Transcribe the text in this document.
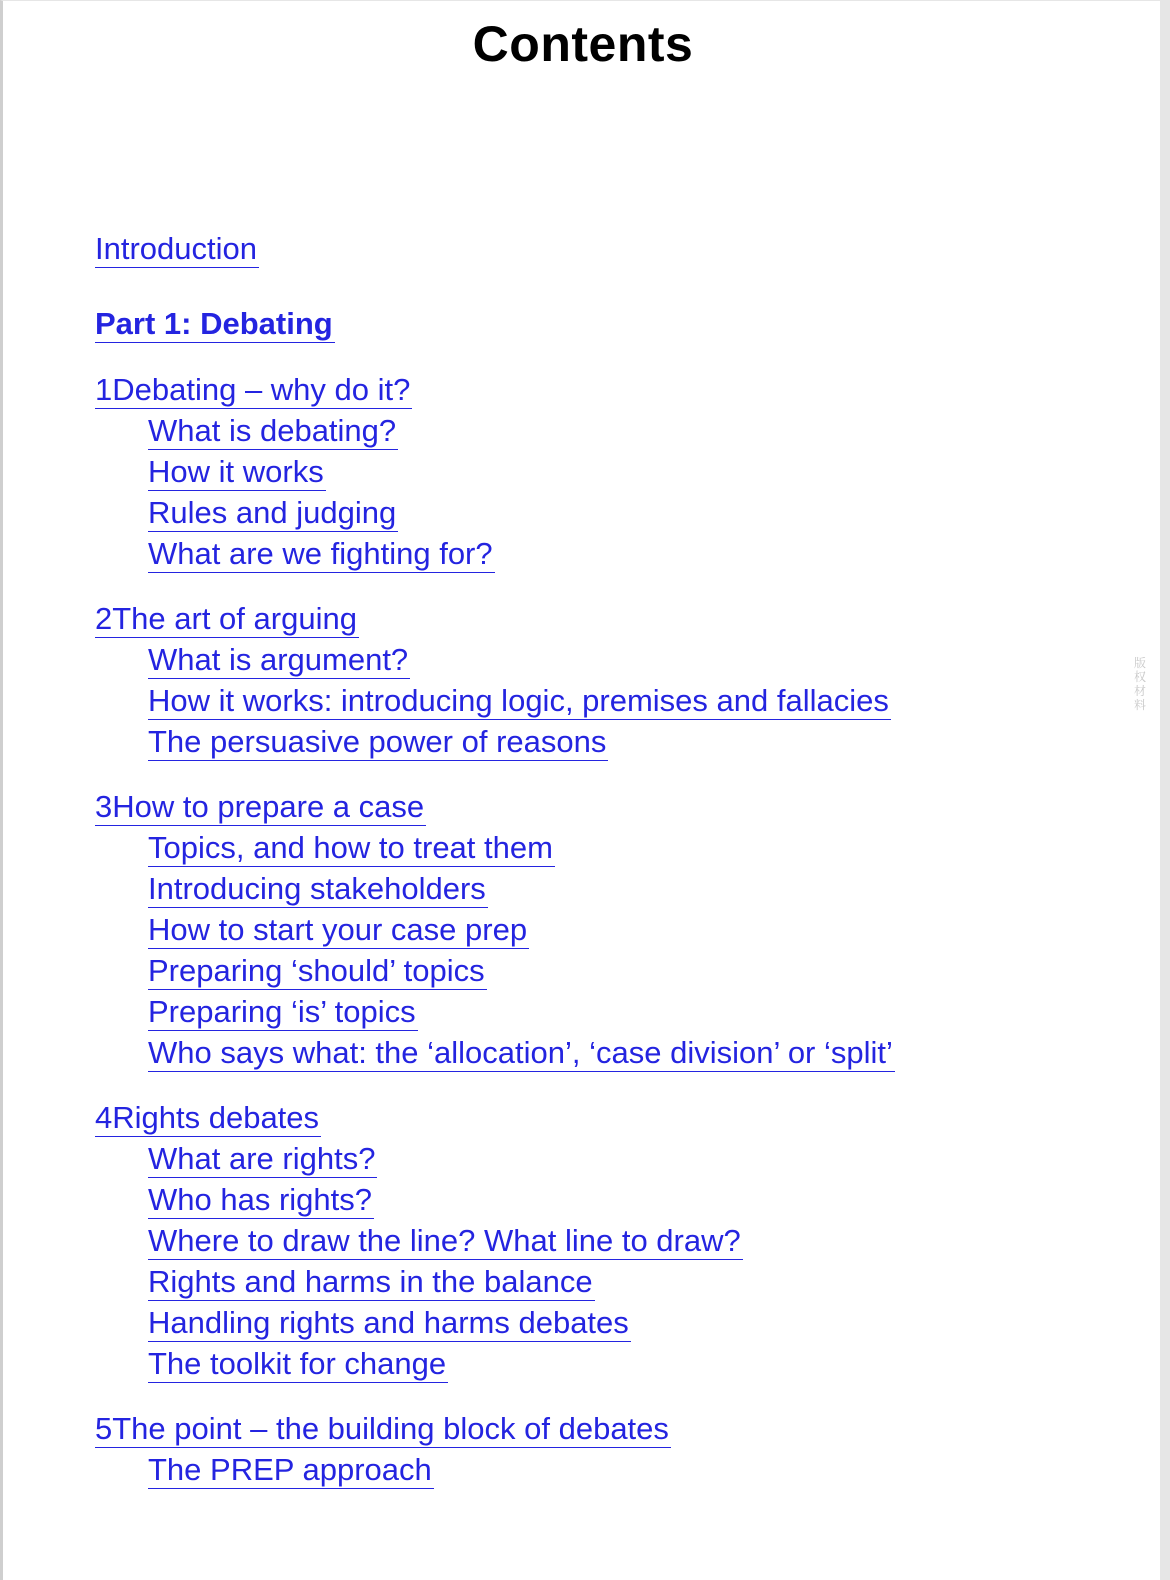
Contents
Introduction
Part 1: Debating
1Debating – why do it?
What is debating?
How it works
Rules and judging
What are we fighting for?
2The art of arguing
What is argument?
How it works: introducing logic, premises and fallacies
The persuasive power of reasons
3How to prepare a case
Topics, and how to treat them
Introducing stakeholders
How to start your case prep
Preparing ‘should’ topics
Preparing ‘is’ topics
Who says what: the ‘allocation’, ‘case division’ or ‘split’
4Rights debates
What are rights?
Who has rights?
Where to draw the line? What line to draw?
Rights and harms in the balance
Handling rights and harms debates
The toolkit for change
5The point – the building block of debates
The PREP approach
版权材料
